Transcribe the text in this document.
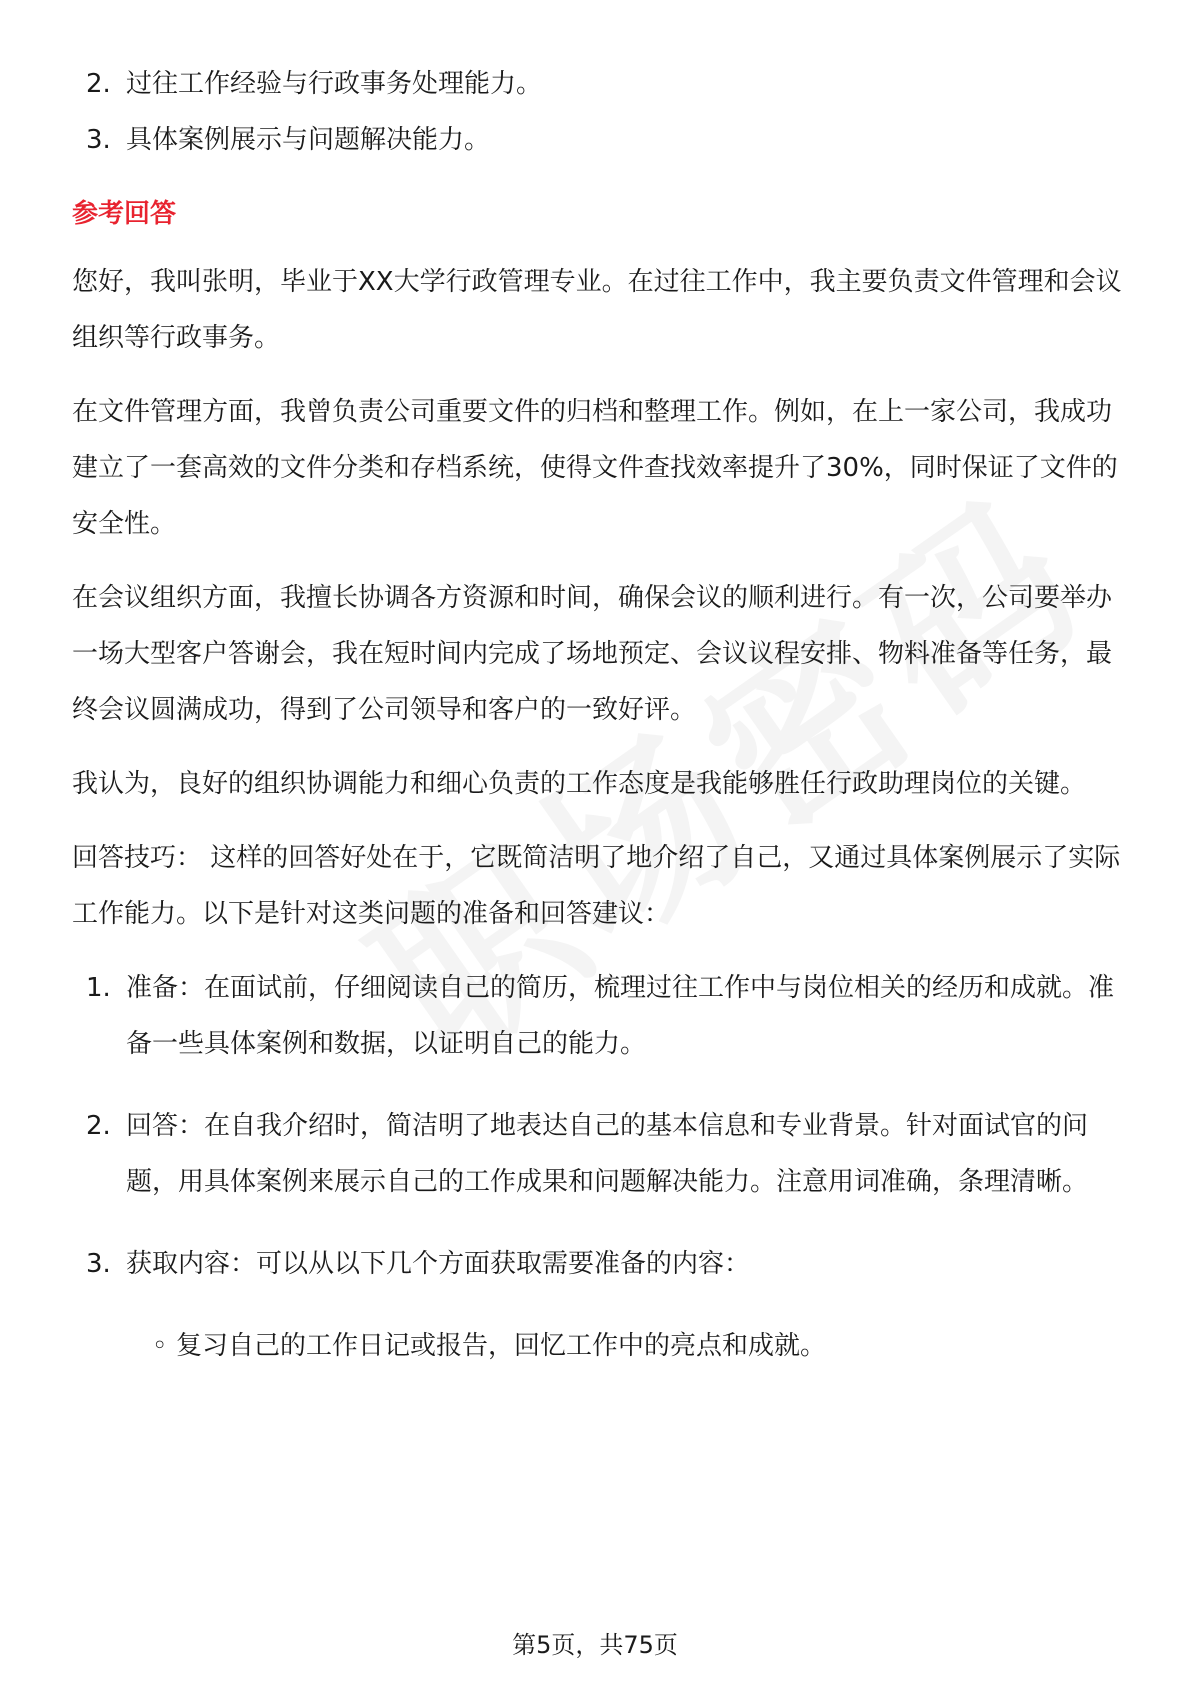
2. 过往工作经验与行政事务处理能力。
3. 具体案例展示与问题解决能力。
参考回答
您好，我叫张明，毕业于XX大学行政管理专业。在过往工作中，我主要负责文件管理和会议组织等行政事务。
在文件管理方面，我曾负责公司重要文件的归档和整理工作。例如，在上一家公司，我成功建立了一套高效的文件分类和存档系统，使得文件查找效率提升了30%，同时保证了文件的安全性。
在会议组织方面，我擅长协调各方资源和时间，确保会议的顺利进行。有一次，公司要举办一场大型客户答谢会，我在短时间内完成了场地预定、会议议程安排、物料准备等任务，最终会议圆满成功，得到了公司领导和客户的一致好评。
我认为，良好的组织协调能力和细心负责的工作态度是我能够胜任行政助理岗位的关键。
回答技巧： 这样的回答好处在于，它既简洁明了地介绍了自己，又通过具体案例展示了实际工作能力。以下是针对这类问题的准备和回答建议：
1. 准备：在面试前，仔细阅读自己的简历，梳理过往工作中与岗位相关的经历和成就。准备一些具体案例和数据，以证明自己的能力。
2. 回答：在自我介绍时，简洁明了地表达自己的基本信息和专业背景。针对面试官的问题，用具体案例来展示自己的工作成果和问题解决能力。注意用词准确，条理清晰。
3. 获取内容：可以从以下几个方面获取需要准备的内容：
◦ 复习自己的工作日记或报告，回忆工作中的亮点和成就。
第5页，共75页
